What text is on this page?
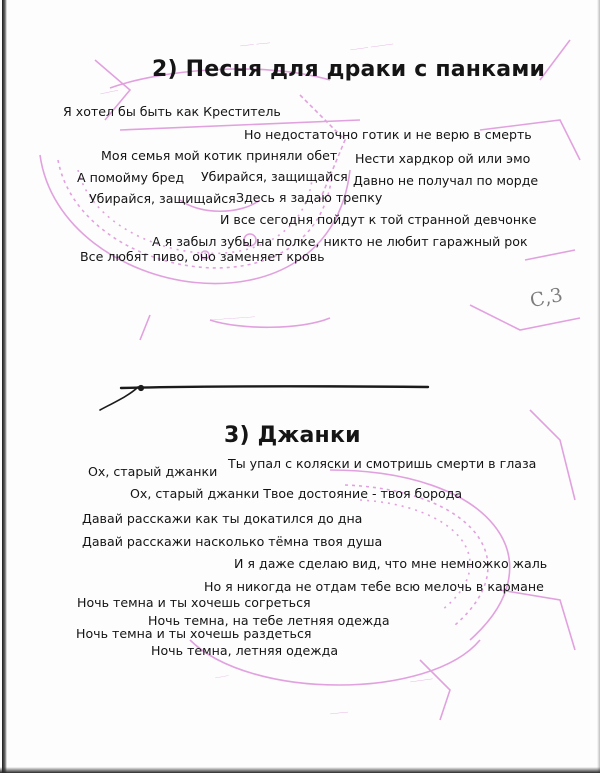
___ ___	____ _____
____
__________
___
____
_____
2) Песня для драки с панками

Я хотел бы быть как Креститель

Но недостаточно готик и не верю в смерть

Моя семья мой котик приняли обет Нести хардкор ой или эмо

А помойму бред Убирайся, защищайся Давно не получал по морде

Убирайся, защищайся Здесь я задаю трепку

И все сегодня пойдут к той странной девчонке

А я забыл зубы на полке, никто не любит гаражный рок

Все любят пиво, оно заменяет кровь

С,3
3) Джанки

Ох, старый джанки

Ты упал с коляски и смотришь смерти в глаза

Ох, старый джанки Твое достояние - твоя борода

Давай расскажи как ты докатился до дна

Давай расскажи насколько тёмна твоя душа

И я даже сделаю вид, что мне немножко жаль

Но я никогда не отдам тебе всю мелочь в кармане

Ночь темна и ты хочешь согреться

Ночь темна, на тебе летняя одежда

Ночь темна и ты хочешь раздеться

Ночь темна, летняя одежда
